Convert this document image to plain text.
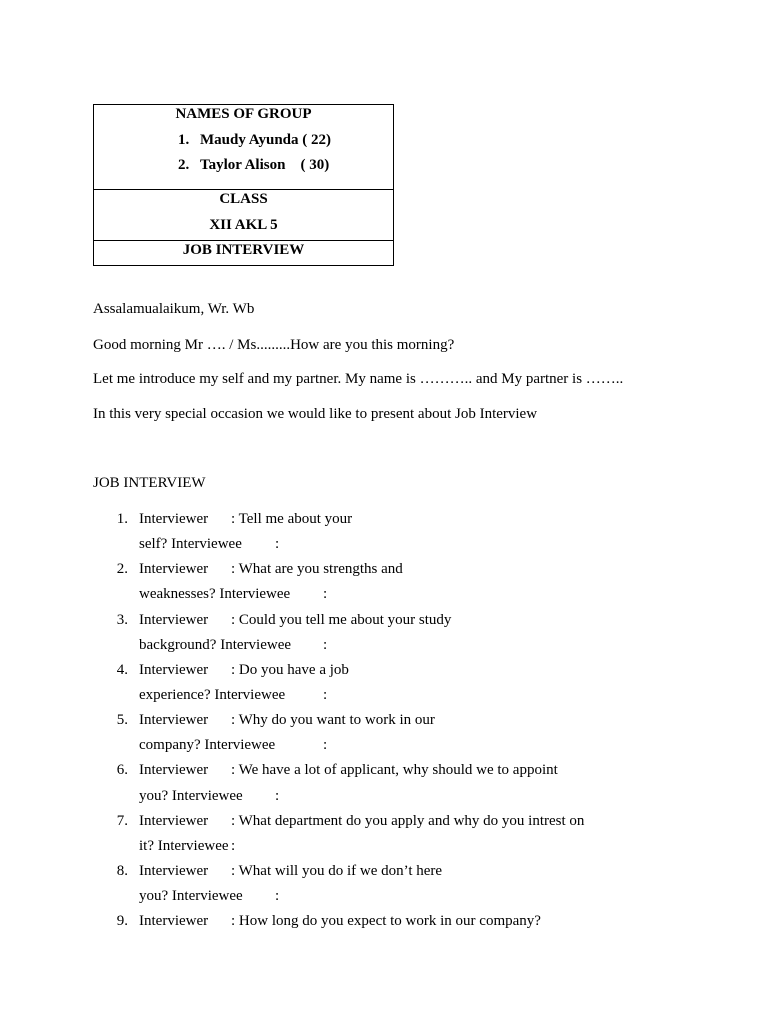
NAMES OF GROUP
1. Maudy Ayunda ( 22)
2. Taylor Alison    ( 30)
CLASS
XII AKL 5
JOB INTERVIEW
Assalamualaikum, Wr. Wb
Good morning Mr …. / Ms.........How are you this morning?
Let me introduce my self and my partner. My name is ……….. and My partner is ……..
In this very special occasion we would like to present about Job Interview
JOB INTERVIEW
1. Interviewer : Tell me about your
self? Interviewee :
2. Interviewer : What are you strengths and
weaknesses? Interviewee :
3. Interviewer : Could you tell me about your study
background? Interviewee :
4. Interviewer : Do you have a job
experience? Interviewee	:
5. Interviewer : Why do you want to work in our
company? Interviewee	:
6. Interviewer : We have a lot of applicant, why should we to appoint
you? Interviewee :
7. Interviewer : What department do you apply and why do you intrest on
it? Interviewee :
8. Interviewer : What will you do if we don’t here
you? Interviewee :
9. Interviewer : How long do you expect to work in our company?
